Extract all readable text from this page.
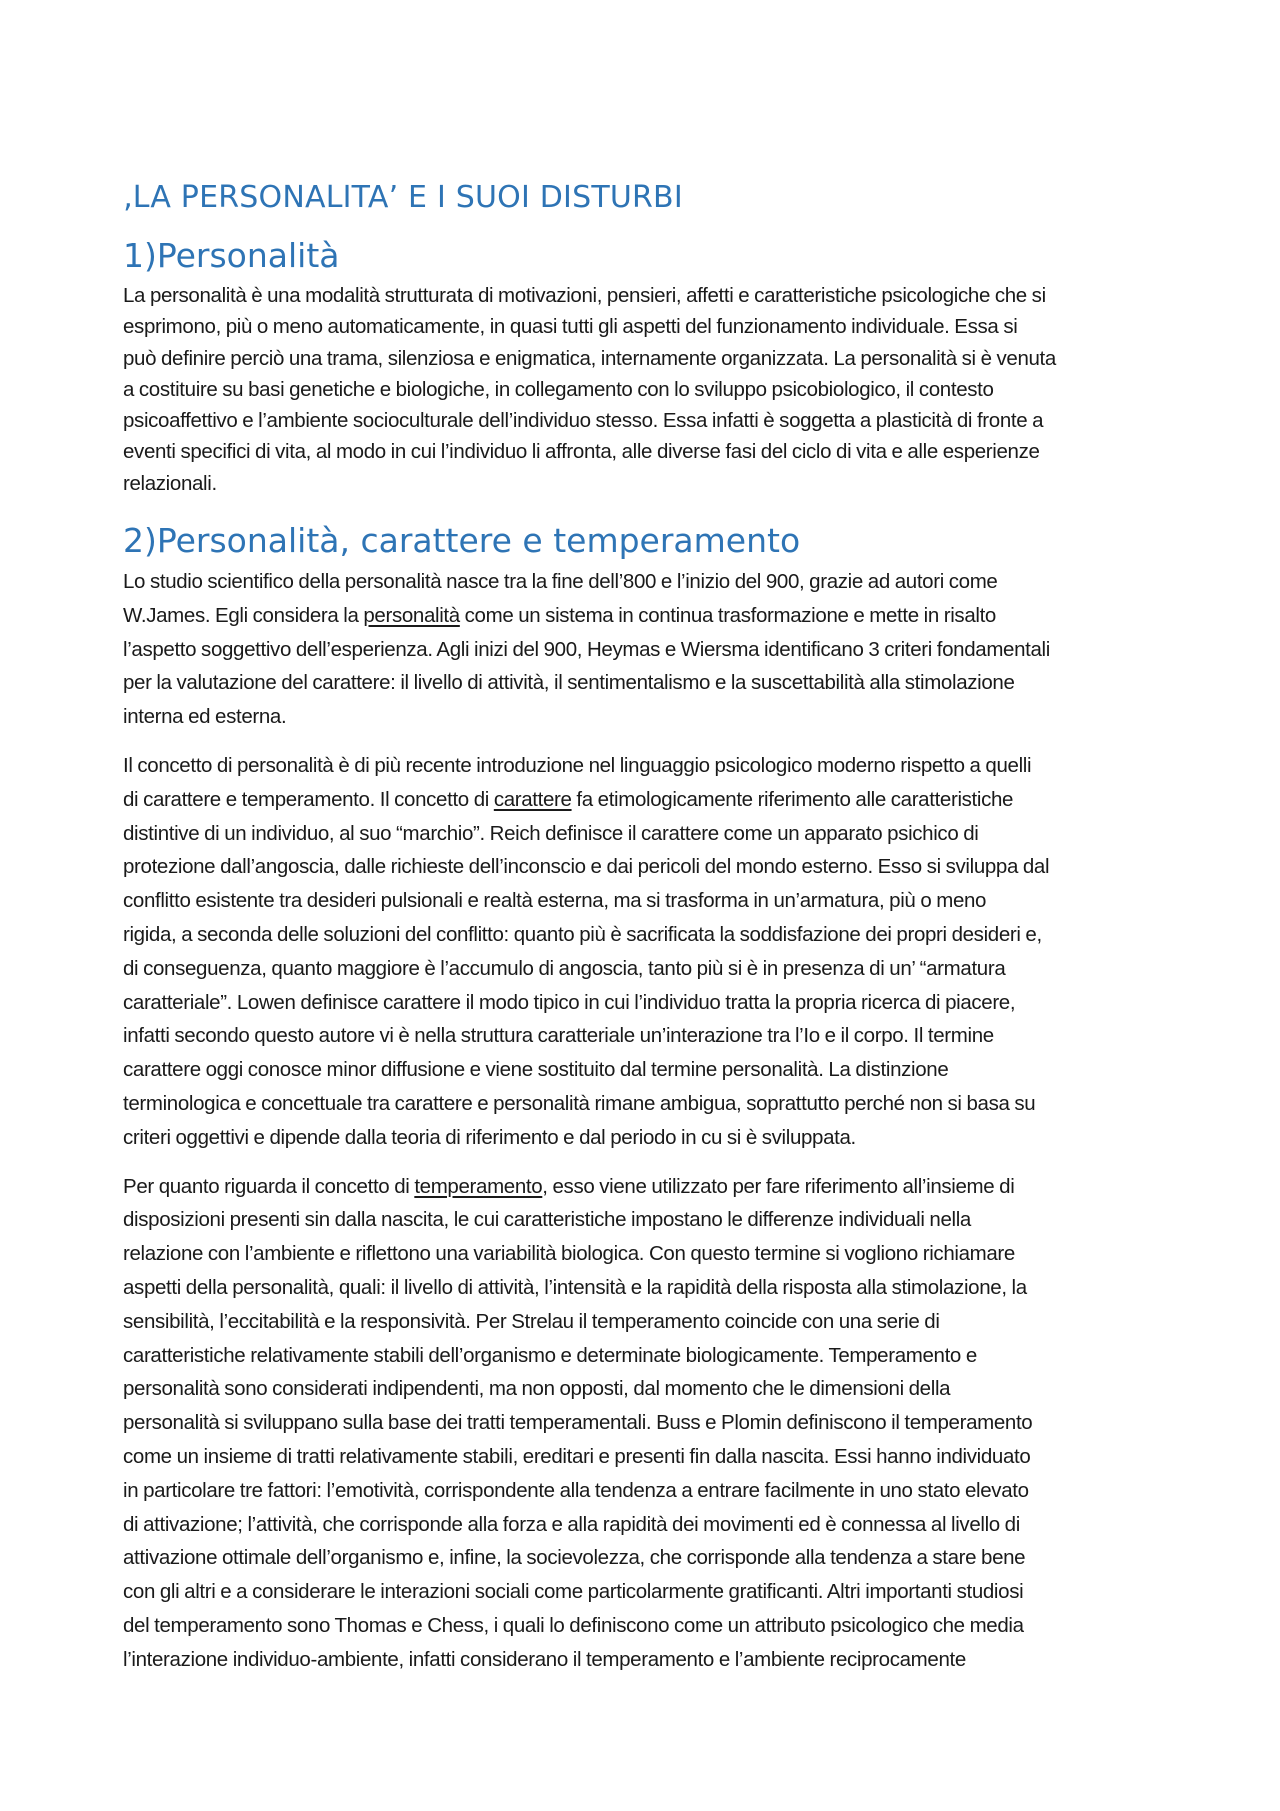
‚LA PERSONALITA’ E I SUOI DISTURBI
1)Personalità

La personalità è una modalità strutturata di motivazioni, pensieri, affetti e caratteristiche psicologiche che si
esprimono, più o meno automaticamente, in quasi tutti gli aspetti del funzionamento individuale. Essa si
può definire perciò una trama, silenziosa e enigmatica, internamente organizzata. La personalità si è venuta
a costituire su basi genetiche e biologiche, in collegamento con lo sviluppo psicobiologico, il contesto
psicoaffettivo e l’ambiente socioculturale dell’individuo stesso. Essa infatti è soggetta a plasticità di fronte a
eventi specifici di vita, al modo in cui l’individuo li affronta, alle diverse fasi del ciclo di vita e alle esperienze
relazionali.

2)Personalità, carattere e temperamento

Lo studio scientifico della personalità nasce tra la fine dell’800 e l’inizio del 900, grazie ad autori come
W.James. Egli considera la personalità come un sistema in continua trasformazione e mette in risalto
l’aspetto soggettivo dell’esperienza. Agli inizi del 900, Heymas e Wiersma identificano 3 criteri fondamentali
per la valutazione del carattere: il livello di attività, il sentimentalismo e la suscettabilità alla stimolazione
interna ed esterna.

Il concetto di personalità è di più recente introduzione nel linguaggio psicologico moderno rispetto a quelli
di carattere e temperamento. Il concetto di carattere fa etimologicamente riferimento alle caratteristiche
distintive di un individuo, al suo “marchio”. Reich definisce il carattere come un apparato psichico di
protezione dall’angoscia, dalle richieste dell’inconscio e dai pericoli del mondo esterno. Esso si sviluppa dal
conflitto esistente tra desideri pulsionali e realtà esterna, ma si trasforma in un’armatura, più o meno
rigida, a seconda delle soluzioni del conflitto: quanto più è sacrificata la soddisfazione dei propri desideri e,
di conseguenza, quanto maggiore è l’accumulo di angoscia, tanto più si è in presenza di un’ “armatura
caratteriale”. Lowen definisce carattere il modo tipico in cui l’individuo tratta la propria ricerca di piacere,
infatti secondo questo autore vi è nella struttura caratteriale un’interazione tra l’Io e il corpo. Il termine
carattere oggi conosce minor diffusione e viene sostituito dal termine personalità. La distinzione
terminologica e concettuale tra carattere e personalità rimane ambigua, soprattutto perché non si basa su
criteri oggettivi e dipende dalla teoria di riferimento e dal periodo in cu si è sviluppata.

Per quanto riguarda il concetto di temperamento, esso viene utilizzato per fare riferimento all’insieme di
disposizioni presenti sin dalla nascita, le cui caratteristiche impostano le differenze individuali nella
relazione con l’ambiente e riflettono una variabilità biologica. Con questo termine si vogliono richiamare
aspetti della personalità, quali: il livello di attività, l’intensità e la rapidità della risposta alla stimolazione, la
sensibilità, l’eccitabilità e la responsività. Per Strelau il temperamento coincide con una serie di
caratteristiche relativamente stabili dell’organismo e determinate biologicamente. Temperamento e
personalità sono considerati indipendenti, ma non opposti, dal momento che le dimensioni della
personalità si sviluppano sulla base dei tratti temperamentali. Buss e Plomin definiscono il temperamento
come un insieme di tratti relativamente stabili, ereditari e presenti fin dalla nascita. Essi hanno individuato
in particolare tre fattori: l’emotività, corrispondente alla tendenza a entrare facilmente in uno stato elevato
di attivazione; l’attività, che corrisponde alla forza e alla rapidità dei movimenti ed è connessa al livello di
attivazione ottimale dell’organismo e, infine, la socievolezza, che corrisponde alla tendenza a stare bene
con gli altri e a considerare le interazioni sociali come particolarmente gratificanti. Altri importanti studiosi
del temperamento sono Thomas e Chess, i quali lo definiscono come un attributo psicologico che media
l’interazione individuo-ambiente, infatti considerano il temperamento e l’ambiente reciprocamente
